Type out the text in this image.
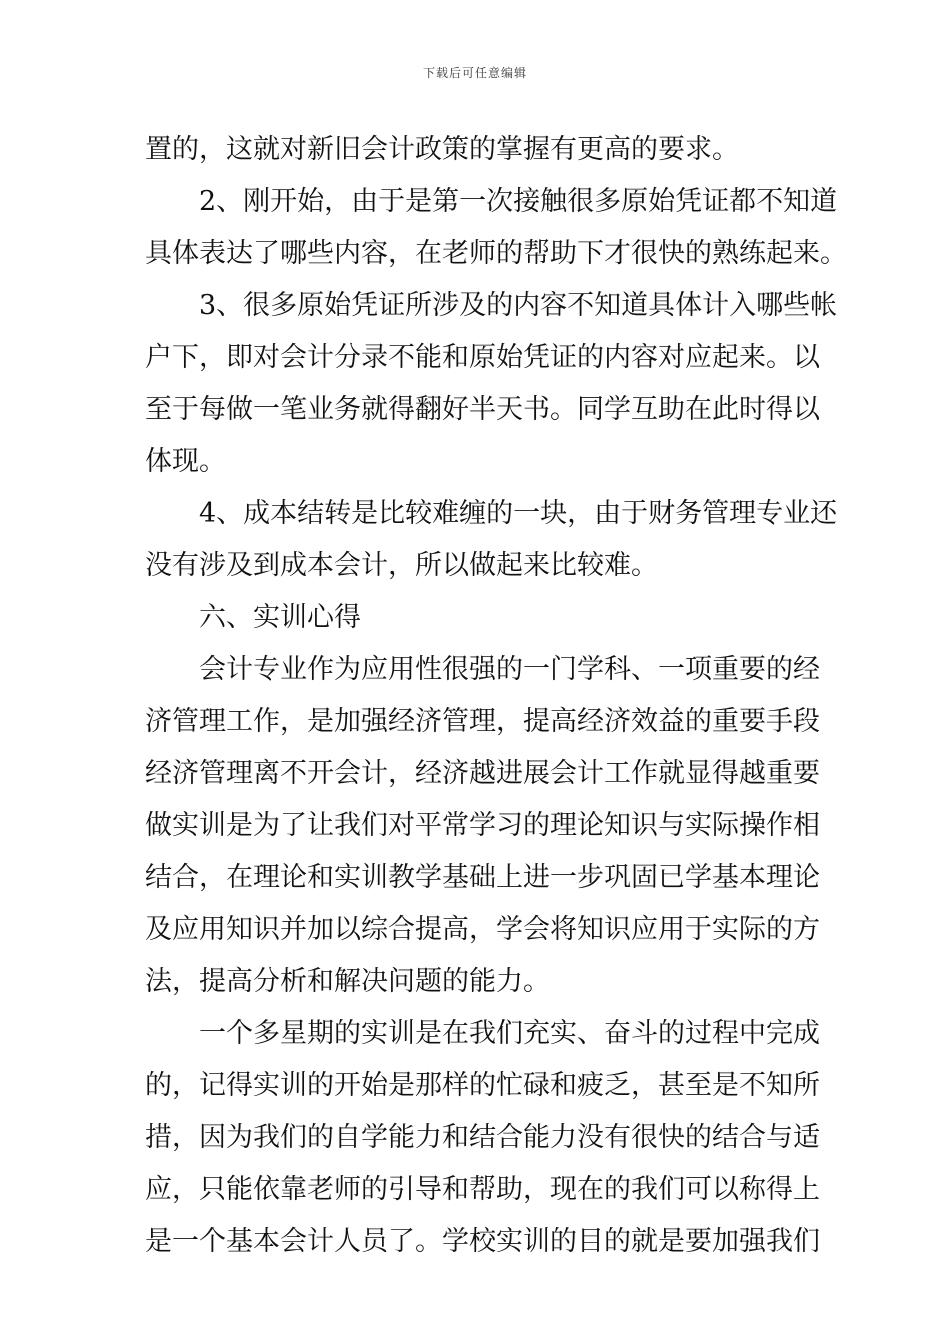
下载后可任意编辑
置的，这就对新旧会计政策的掌握有更高的要求。
2、刚开始，由于是第一次接触很多原始凭证都不知道
具体表达了哪些内容，在老师的帮助下才很快的熟练起来。
3、很多原始凭证所涉及的内容不知道具体计入哪些帐
户下，即对会计分录不能和原始凭证的内容对应起来。以
至于每做一笔业务就得翻好半天书。同学互助在此时得以
体现。
4、成本结转是比较难缠的一块，由于财务管理专业还
没有涉及到成本会计，所以做起来比较难。
六、实训心得
会计专业作为应用性很强的一门学科、一项重要的经
济管理工作，是加强经济管理，提高经济效益的重要手段
经济管理离不开会计，经济越进展会计工作就显得越重要
做实训是为了让我们对平常学习的理论知识与实际操作相
结合，在理论和实训教学基础上进一步巩固已学基本理论
及应用知识并加以综合提高，学会将知识应用于实际的方
法，提高分析和解决问题的能力。
一个多星期的实训是在我们充实、奋斗的过程中完成
的，记得实训的开始是那样的忙碌和疲乏，甚至是不知所
措，因为我们的自学能力和结合能力没有很快的结合与适
应，只能依靠老师的引导和帮助，现在的我们可以称得上
是一个基本会计人员了。学校实训的目的就是要加强我们
